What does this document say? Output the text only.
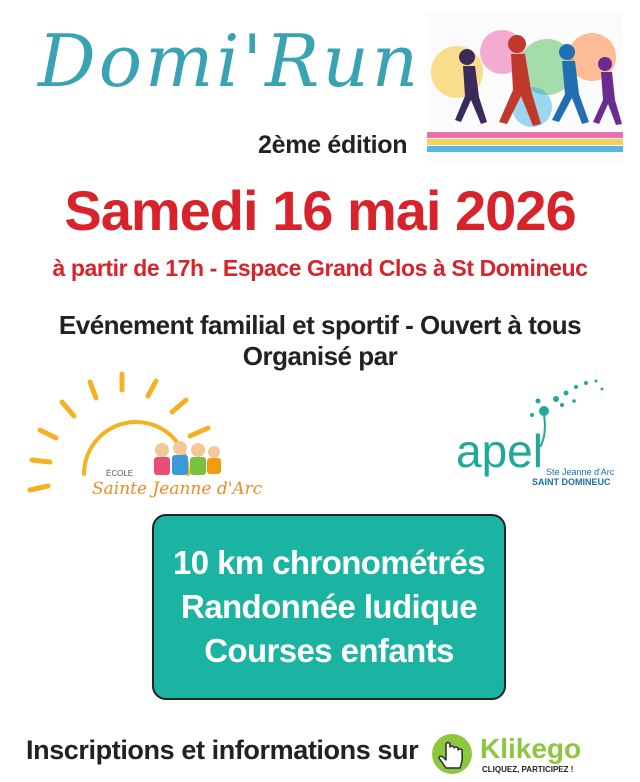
Domi'Run
2ème édition
Samedi 16 mai 2026
à partir de 17h - Espace Grand Clos à St Domineuc
Evénement familial et sportif - Ouvert à tous
Organisé par
ÉCOLE
Sainte Jeanne d'Arc
apel Ste Jeanne d'Arc
SAINT DOMINEUC
10 km chronométrés
Randonnée ludique
Courses enfants
Inscriptions et informations sur Klikego
CLIQUEZ, PARTICIPEZ !
